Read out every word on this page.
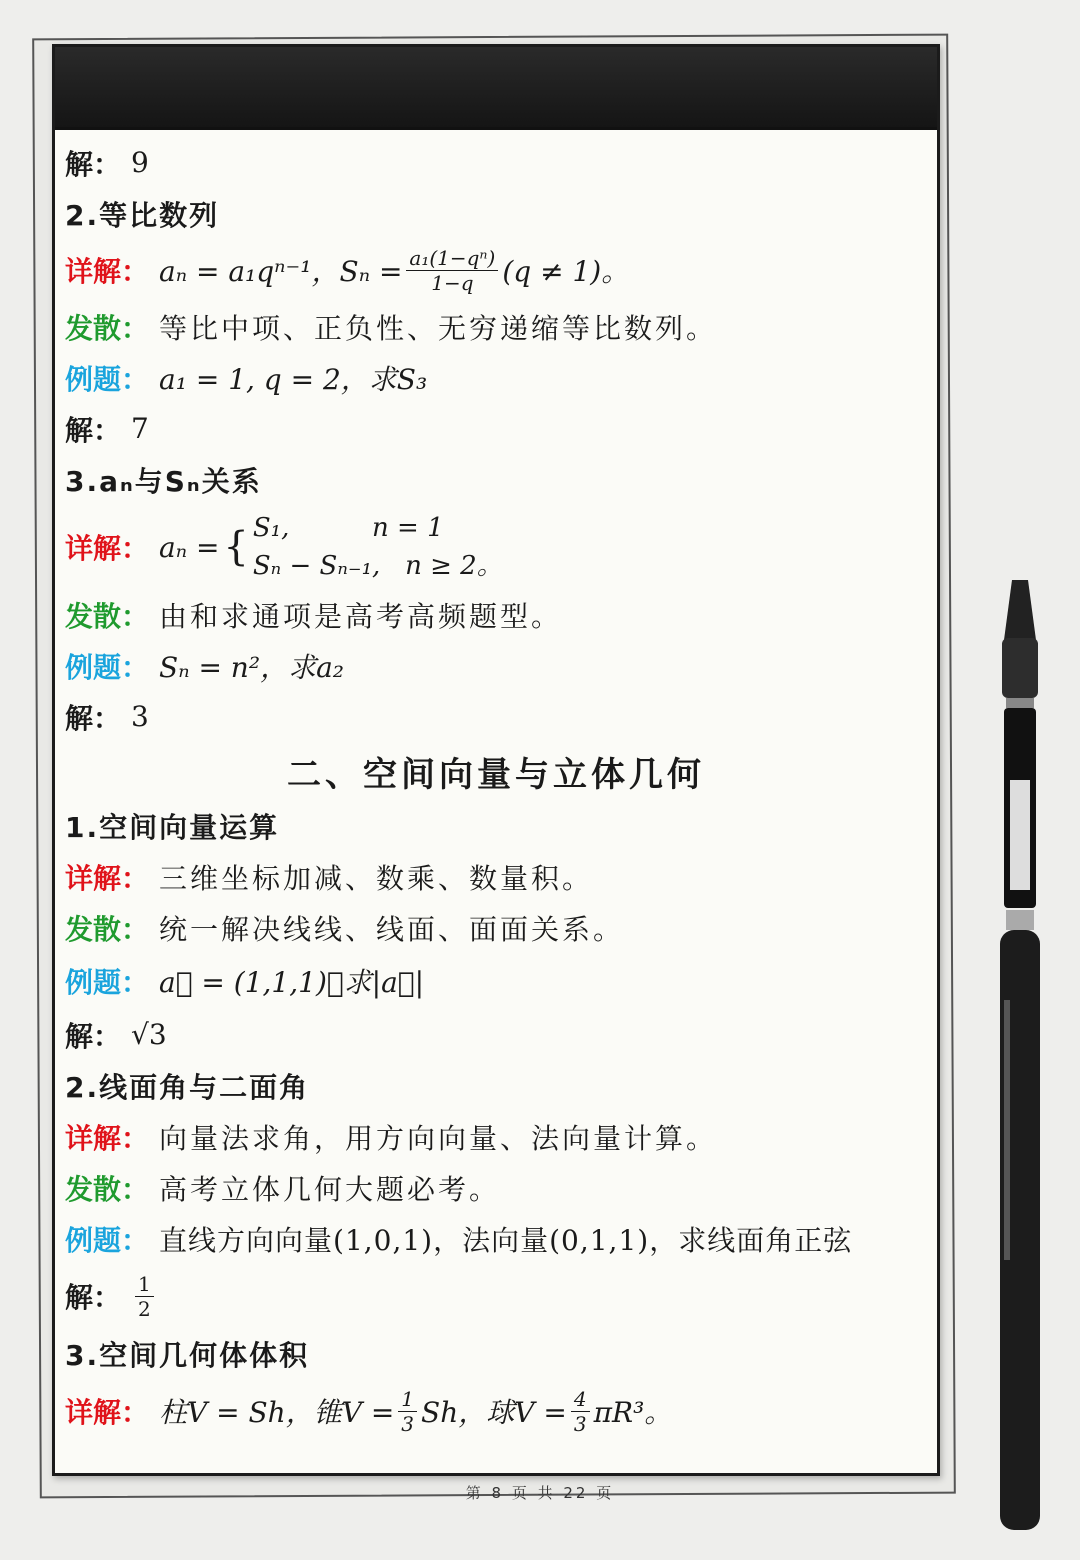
解： 9
2.等比数列
详解： aₙ = a₁qⁿ⁻¹，$S_n = \frac{\text{a₁(1−qⁿ)}}{1-q} (q \ne 1)$。
发散： 等比中项、正负性、无穷递缩等比数列。
例题： a₁ = 1, q = 2，求S₃
解： 7
3.aₙ与Sₙ关系
详解： aₙ = { S₁,          n = 1
Sₙ − Sₙ₋₁,   n ≥ 2。
发散： 由和求通项是高考高频题型。
例题： Sₙ = n²，求a₂
解： 3
二、空间向量与立体几何
1.空间向量运算
详解： 三维坐标加减、数乘、数量积。
发散： 统一解决线线、线面、面面关系。
例题： a⃗ = (1,1,1)，求|a⃗|
解： √3
2.线面角与二面角
详解： 向量法求角，用方向向量、法向量计算。
发散： 高考立体几何大题必考。
例题： 直线方向向量(1,0,1)，法向量(0,1,1)，求线面角正弦
解： $\frac{1}{2}$
3.空间几何体体积
详解： 柱V = Sh，锥$V = \frac{1}{3}$ Sh，球$V = \frac{4}{3} \pi R^3$。
第 8 页 共 22 页
